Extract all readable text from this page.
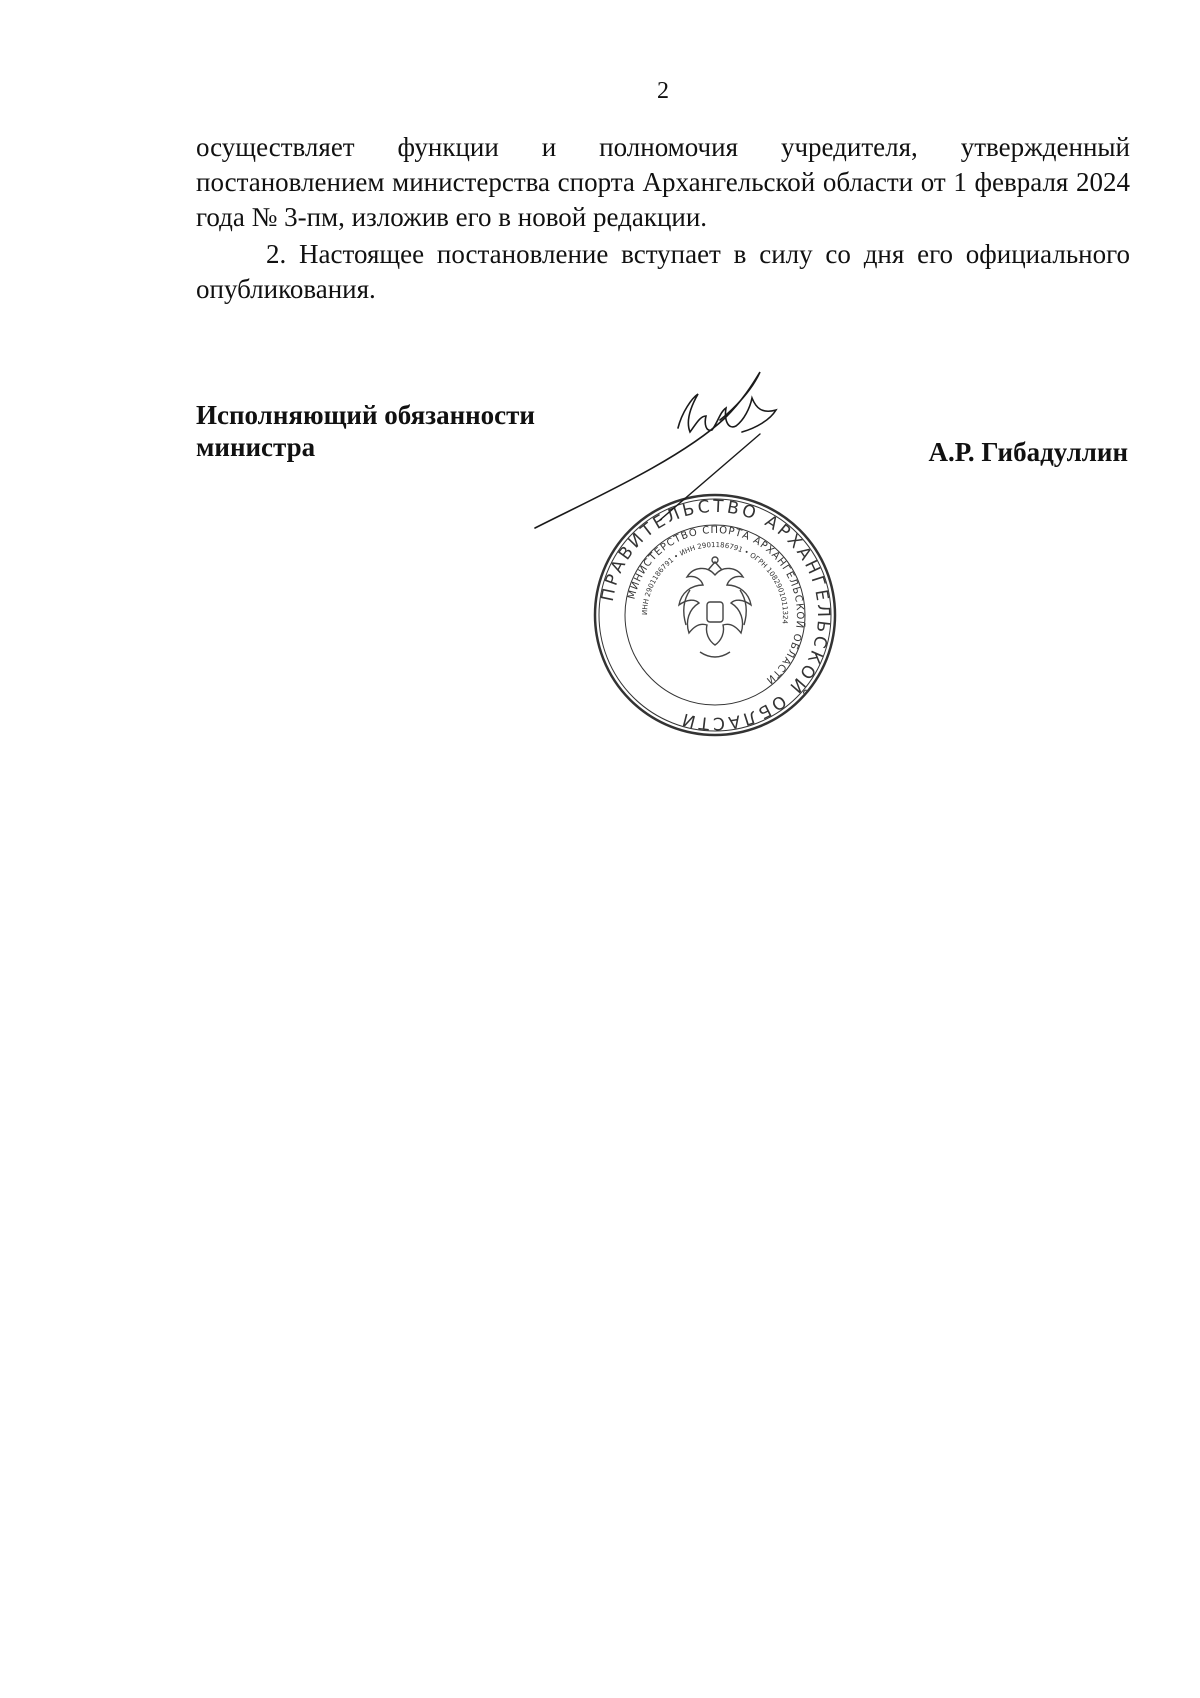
2
осуществляет функции и полномочия учредителя, утвержденный
постановлением министерства спорта Архангельской области от 1 февраля 2024 года № 3-пм, изложив его в новой редакции.
2. Настоящее постановление вступает в силу со дня его официального опубликования.
Исполняющий обязанности
министра	А.Р. Гибадуллин
ПРАВИТЕЛЬСТВО АРХАНГЕЛЬСКОЙ ОБЛАСТИ
МИНИСТЕРСТВО СПОРТА АРХАНГЕЛЬСКОЙ ОБЛАСТИ
ИНН 2901186791 • ИНН 2901186791 • ОГРН 1082901011324
